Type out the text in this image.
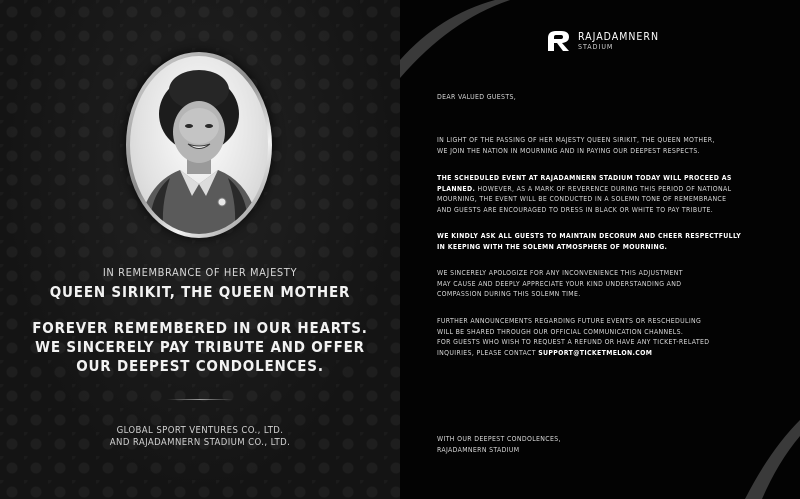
IN REMEMBRANCE OF HER MAJESTY
QUEEN SIRIKIT, THE QUEEN MOTHER
FOREVER REMEMBERED IN OUR HEARTS.
WE SINCERELY PAY TRIBUTE AND OFFER
OUR DEEPEST CONDOLENCES.
GLOBAL SPORT VENTURES CO., LTD.
AND RAJADAMNERN STADIUM CO., LTD.
RAJADAMNERN
STADIUM
DEAR VALUED GUESTS,
IN LIGHT OF THE PASSING OF HER MAJESTY QUEEN SIRIKIT, THE QUEEN MOTHER,
WE JOIN THE NATION IN MOURNING AND IN PAYING OUR DEEPEST RESPECTS.
THE SCHEDULED EVENT AT RAJADAMNERN STADIUM TODAY WILL PROCEED AS
PLANNED. HOWEVER, AS A MARK OF REVERENCE DURING THIS PERIOD OF NATIONAL
MOURNING, THE EVENT WILL BE CONDUCTED IN A SOLEMN TONE OF REMEMBRANCE
AND GUESTS ARE ENCOURAGED TO DRESS IN BLACK OR WHITE TO PAY TRIBUTE.
WE KINDLY ASK ALL GUESTS TO MAINTAIN DECORUM AND CHEER RESPECTFULLY
IN KEEPING WITH THE SOLEMN ATMOSPHERE OF MOURNING.
WE SINCERELY APOLOGIZE FOR ANY INCONVENIENCE THIS ADJUSTMENT
MAY CAUSE AND DEEPLY APPRECIATE YOUR KIND UNDERSTANDING AND
COMPASSION DURING THIS SOLEMN TIME.
FURTHER ANNOUNCEMENTS REGARDING FUTURE EVENTS OR RESCHEDULING
WILL BE SHARED THROUGH OUR OFFICIAL COMMUNICATION CHANNELS.
FOR GUESTS WHO WISH TO REQUEST A REFUND OR HAVE ANY TICKET-RELATED
INQUIRIES, PLEASE CONTACT SUPPORT@TICKETMELON.COM
WITH OUR DEEPEST CONDOLENCES,
RAJADAMNERN STADIUM
